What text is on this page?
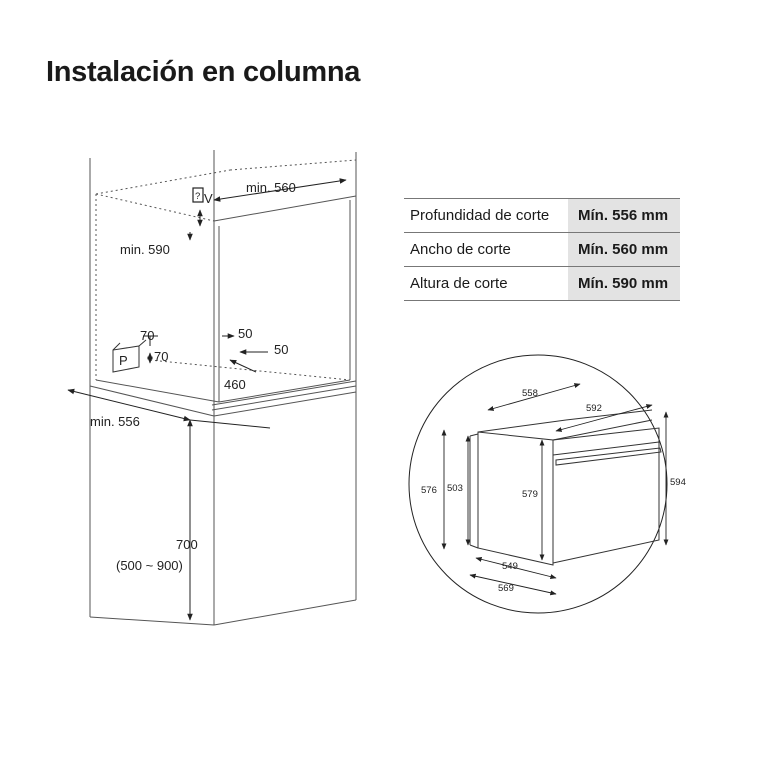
Instalación en columna
P
min. 560
min. 590
min. 556
70
70
50
50
460
700
(500 ~ 900)
? V
558
592
576 503
579
594
549
569
Profundidad de corte	Mín. 556 mm
Ancho de corte	Mín. 560 mm
Altura de corte	Mín. 590 mm
